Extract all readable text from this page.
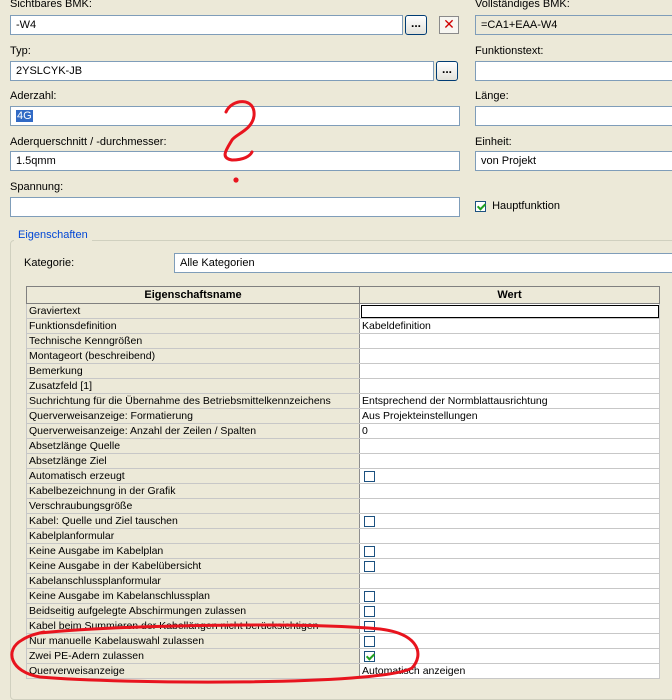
Sichtbares BMK:
-W4	...	✕
Vollständiges BMK:
=CA1+EAA-W4
Typ:
2YSLCYK-JB	...
Funktionstext:
Aderzahl:
4G
Länge:
Aderquerschnitt / -durchmesser:
1.5qmm
Einheit:
von Projekt
Spannung:
Hauptfunktion
Eigenschaften
Kategorie:	Alle Kategorien
Eigenschaftsname	Wert
Graviertext	
Funktionsdefinition	Kabeldefinition
Technische Kenngrößen	
Montageort (beschreibend)	
Bemerkung	
Zusatzfeld [1]	
Suchrichtung für die Übernahme des Betriebsmittelkennzeichens	Entsprechend der Normblattausrichtung
Querverweisanzeige: Formatierung	Aus Projekteinstellungen
Querverweisanzeige: Anzahl der Zeilen / Spalten	0
Absetzlänge Quelle	
Absetzlänge Ziel	
Automatisch erzeugt	
Kabelbezeichnung in der Grafik	
Verschraubungsgröße	
Kabel: Quelle und Ziel tauschen	
Kabelplanformular	
Keine Ausgabe im Kabelplan	
Keine Ausgabe in der Kabelübersicht	
Kabelanschlussplanformular	
Keine Ausgabe im Kabelanschlussplan	
Beidseitig aufgelegte Abschirmungen zulassen	
Kabel beim Summieren der Kabellängen nicht berücksichtigen	
Nur manuelle Kabelauswahl zulassen	
Zwei PE-Adern zulassen	
Querverweisanzeige	Automatisch anzeigen
